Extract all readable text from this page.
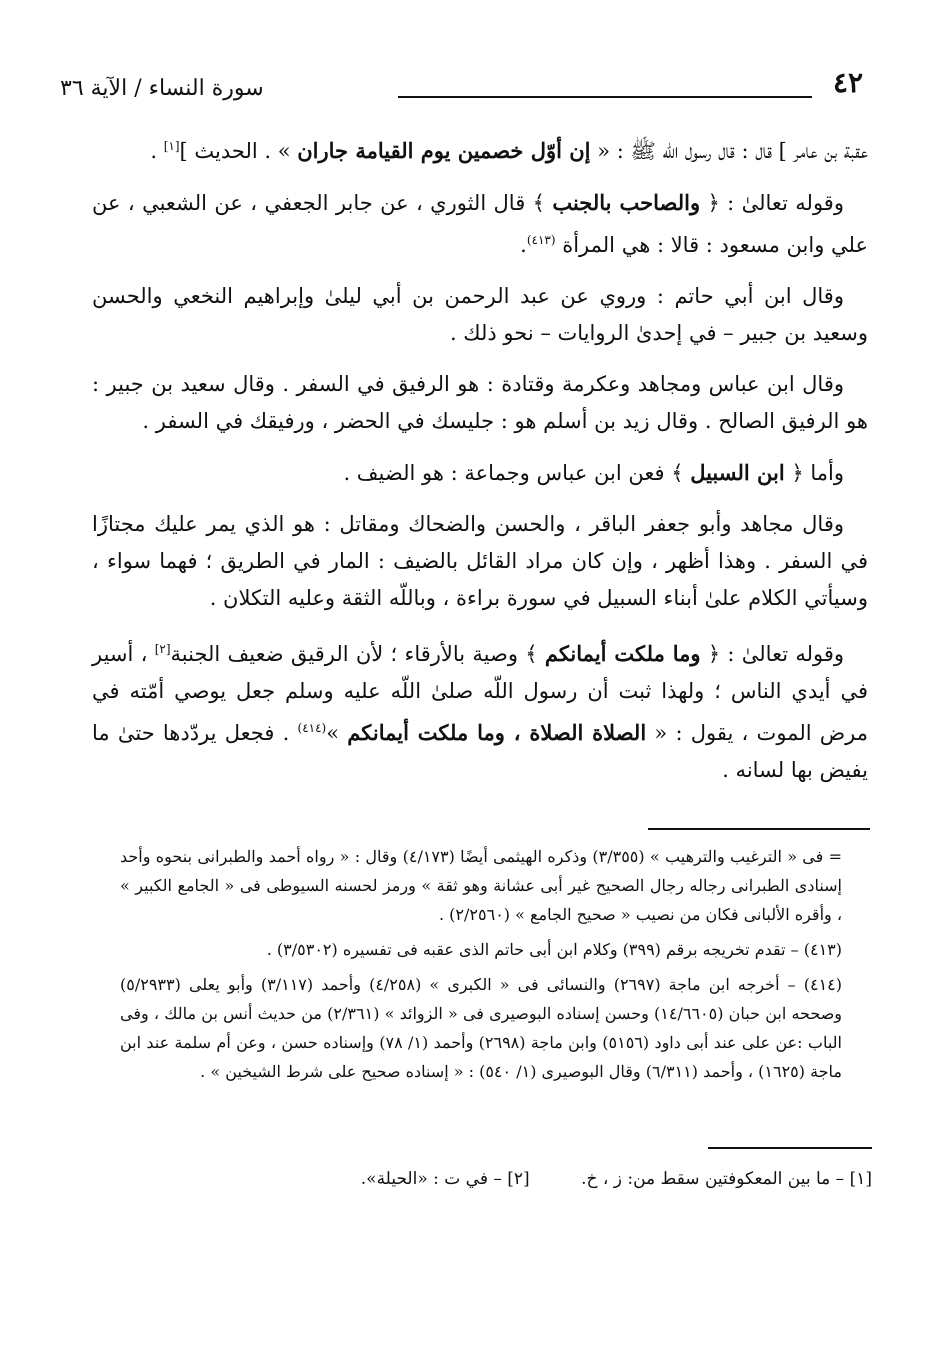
٤٢
سورة النساء / الآية ٣٦

عقبة بن عامر ] قال : قال رسول اللّه ﷺ : « إن أوّل خصمين يوم القيامة جاران » . الحديث ][١] .

وقوله تعالىٰ : ﴿ والصاحب بالجنب ﴾ قال الثوري ، عن جابر الجعفي ، عن الشعبي ، عن علي وابن مسعود : قالا : هي المرأة $^{(٤١٣)}$.

وقال ابن أبي حاتم : وروي عن عبد الرحمن بن أبي ليلىٰ وإبراهيم النخعي والحسن وسعيد بن جبير – في إحدىٰ الروايات – نحو ذلك .

وقال ابن عباس ومجاهد وعكرمة وقتادة : هو الرفيق في السفر . وقال سعيد بن جبير : هو الرفيق الصالح . وقال زيد بن أسلم هو : جليسك في الحضر ، ورفيقك في السفر .

وأما ﴿ ابن السبيل ﴾ فعن ابن عباس وجماعة : هو الضيف .

وقال مجاهد وأبو جعفر الباقر ، والحسن والضحاك ومقاتل : هو الذي يمر عليك مجتازًا في السفر . وهذا أظهر ، وإن كان مراد القائل بالضيف : المار في الطريق ؛ فهما سواء ، وسيأتي الكلام علىٰ أبناء السبيل في سورة براءة ، وباللّه الثقة وعليه التكلان .

وقوله تعالىٰ : ﴿ وما ملكت أيمانكم ﴾ وصية بالأرقاء ؛ لأن الرقيق ضعيف الجنبة[٢] ، أسير في أيدي الناس ؛ ولهذا ثبت أن رسول اللّه صلىٰ اللّه عليه وسلم جعل يوصي أمّته في مرض الموت ، يقول : « الصلاة الصلاة ، وما ملكت أيمانكم »$^{(٤١٤)}$ . فجعل يردّدها حتىٰ ما يفيض بها لسانه .

= فى « الترغيب والترهيب » (٣/٣٥٥) وذكره الهيثمى أيضًا (٤/١٧٣) وقال : « رواه أحمد والطبرانى بنحوه وأحد إسنادى الطبرانى رجاله رجال الصحيح غير أبى عشانة وهو ثقة » ورمز لحسنه السيوطى فى « الجامع الكبير » ، وأقره الألبانى فكان من نصيب « صحيح الجامع » (٢/٢٥٦٠) .

(٤١٣) – تقدم تخريجه برقم (٣٩٩) وكلام ابن أبى حاتم الذى عقبه فى تفسيره (٣/٥٣٠٢) .

(٤١٤) – أخرجه ابن ماجة (٢٦٩٧) والنسائى فى « الكبرى » (٤/٢٥٨) وأحمد (٣/١١٧) وأبو يعلى (٥/٢٩٣٣) وصححه ابن حبان (١٤/٦٦٠٥) وحسن إسناده البوصيرى فى « الزوائد » (٢/٣٦١) من حديث أنس بن مالك ، وفى الباب :عن على عند أبى داود (٥١٥٦) وابن ماجة (٢٦٩٨) وأحمد (١/ ٧٨) وإسناده حسن ، وعن أم سلمة عند ابن ماجة (١٦٢٥) ، وأحمد (٦/٣١١) وقال البوصيرى (١/ ٥٤٠) : « إسناده صحيح على شرط الشيخين » .

[١] – ما بين المعكوفتين سقط من: ز ، خ. [٢] – في ت : «الحيلة».
